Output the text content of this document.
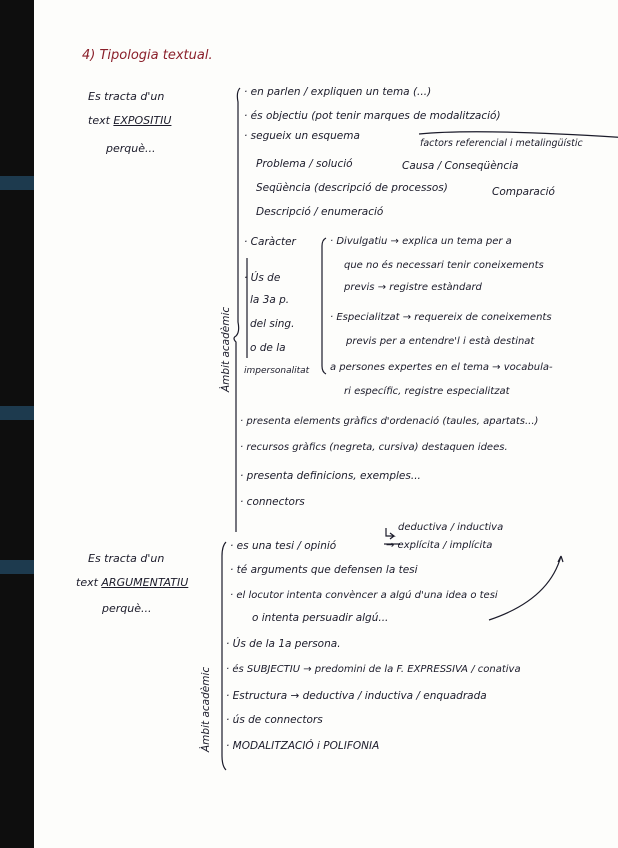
4) Tipologia textual.
Es tracta d'un
text EXPOSITIU
perquè...
· en parlen / expliquen un tema (...)
· és objectiu (pot tenir marques de modalització)
· segueix un esquema
factors referencial i metalingüístic
Problema / solució	Causa / Conseqüència
Seqüència (descripció de processos)	Comparació
Descripció / enumeració
· Caràcter
· Ús de
la 3a p.
del sing.
o de la
impersonalitat
· Divulgatiu → explica un tema per a
que no és necessari tenir coneixements
previs → registre estàndard
· Especialitzat → requereix de coneixements
previs per a entendre'l i està destinat
a persones expertes en el tema → vocabula-
ri específic, registre especialitzat
· presenta elements gràfics d'ordenació (taules, apartats...)
· recursos gràfics (negreta, cursiva) destaquen idees.
· presenta definicions, exemples...
· connectors
Àmbit acadèmic
Es tracta d'un
text ARGUMENTATIU
perquè...
· es una tesi / opinió
deductiva / inductiva
→ explícita / implícita
· té arguments que defensen la tesi
· el locutor intenta convèncer a algú d'una idea o tesi
o intenta persuadir algú...
· Ús de la 1a persona.
· és SUBJECTIU → predomini de la F. EXPRESSIVA / conativa
· Estructura → deductiva / inductiva / enquadrada
· ús de connectors
· MODALITZACIÓ i POLIFONIA
Àmbit acadèmic
